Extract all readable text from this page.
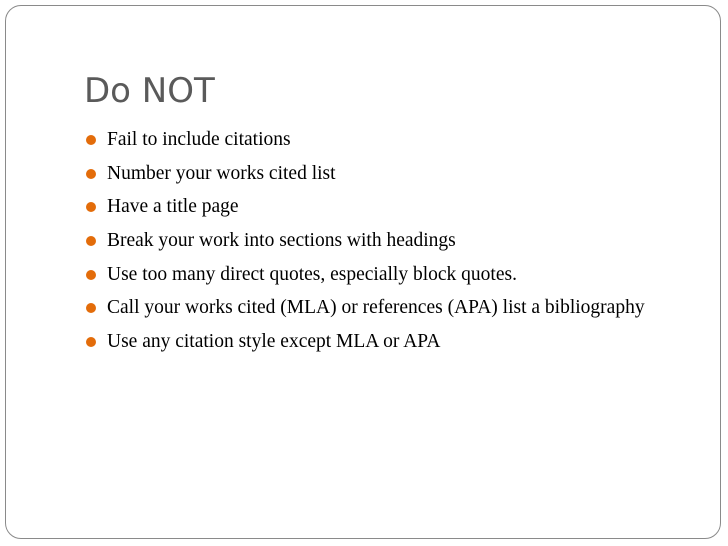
Do NOT
Fail to include citations
Number your works cited list
Have a title page
Break your work into sections with headings
Use too many direct quotes, especially block quotes.
Call your works cited (MLA) or references (APA) list a bibliography
Use any citation style except MLA or APA
